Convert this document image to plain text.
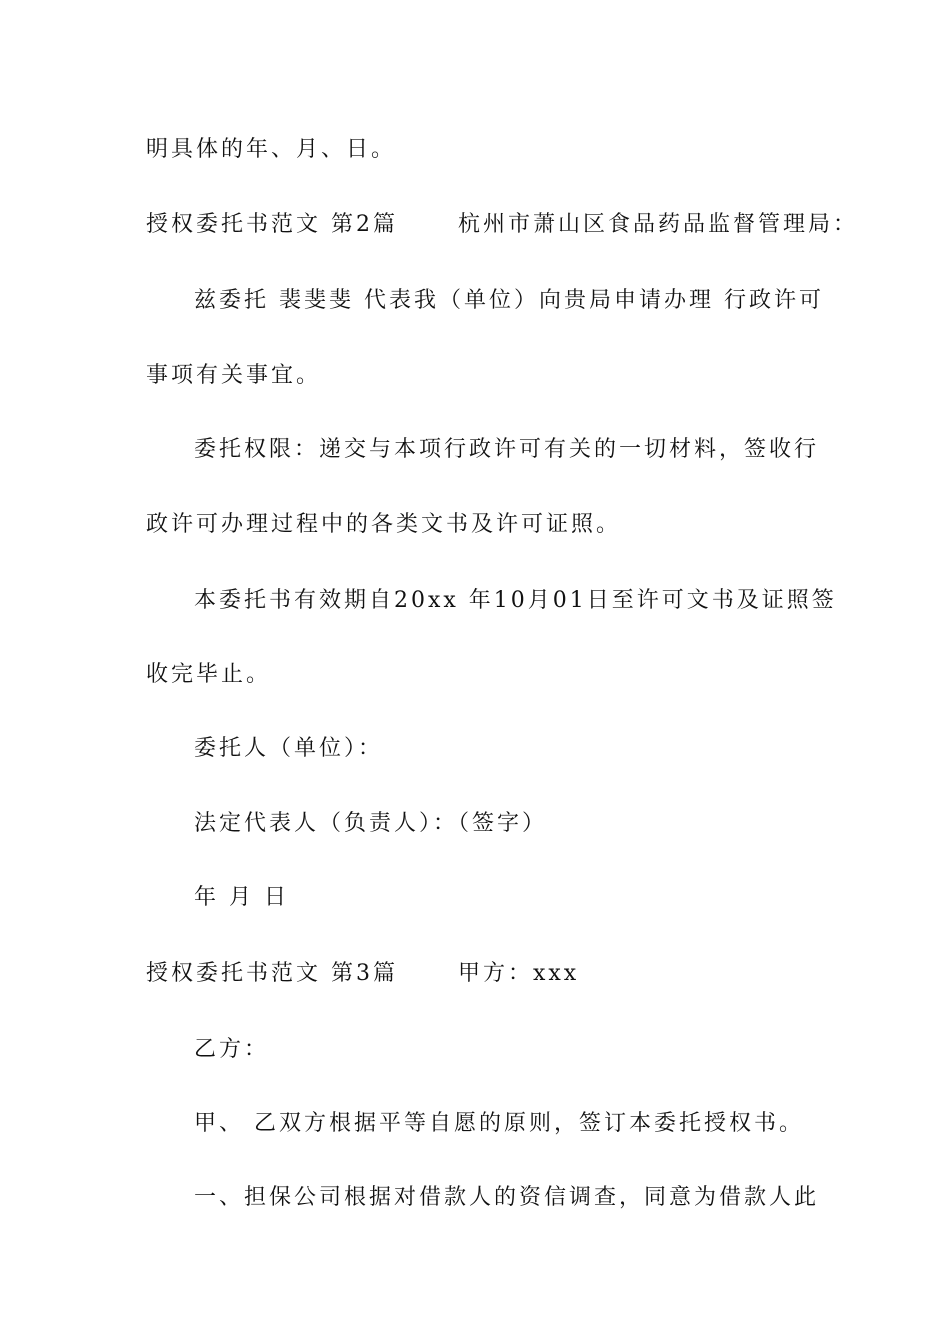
明具体的年、月、日。
授权委托书范文 第2篇      杭州市萧山区食品药品监督管理局：
兹委托 裴斐斐 代表我（单位）向贵局申请办理 行政许可
事项有关事宜。
委托权限：递交与本项行政许可有关的一切材料，签收行
政许可办理过程中的各类文书及许可证照。
本委托书有效期自20xx 年10月01日至许可文书及证照签
收完毕止。
委托人（单位）：
法定代表人（负责人）：（签字）
年 月 日
授权委托书范文 第3篇      甲方：xxx
乙方：
甲、 乙双方根据平等自愿的原则，签订本委托授权书。
一、担保公司根据对借款人的资信调查，同意为借款人此
